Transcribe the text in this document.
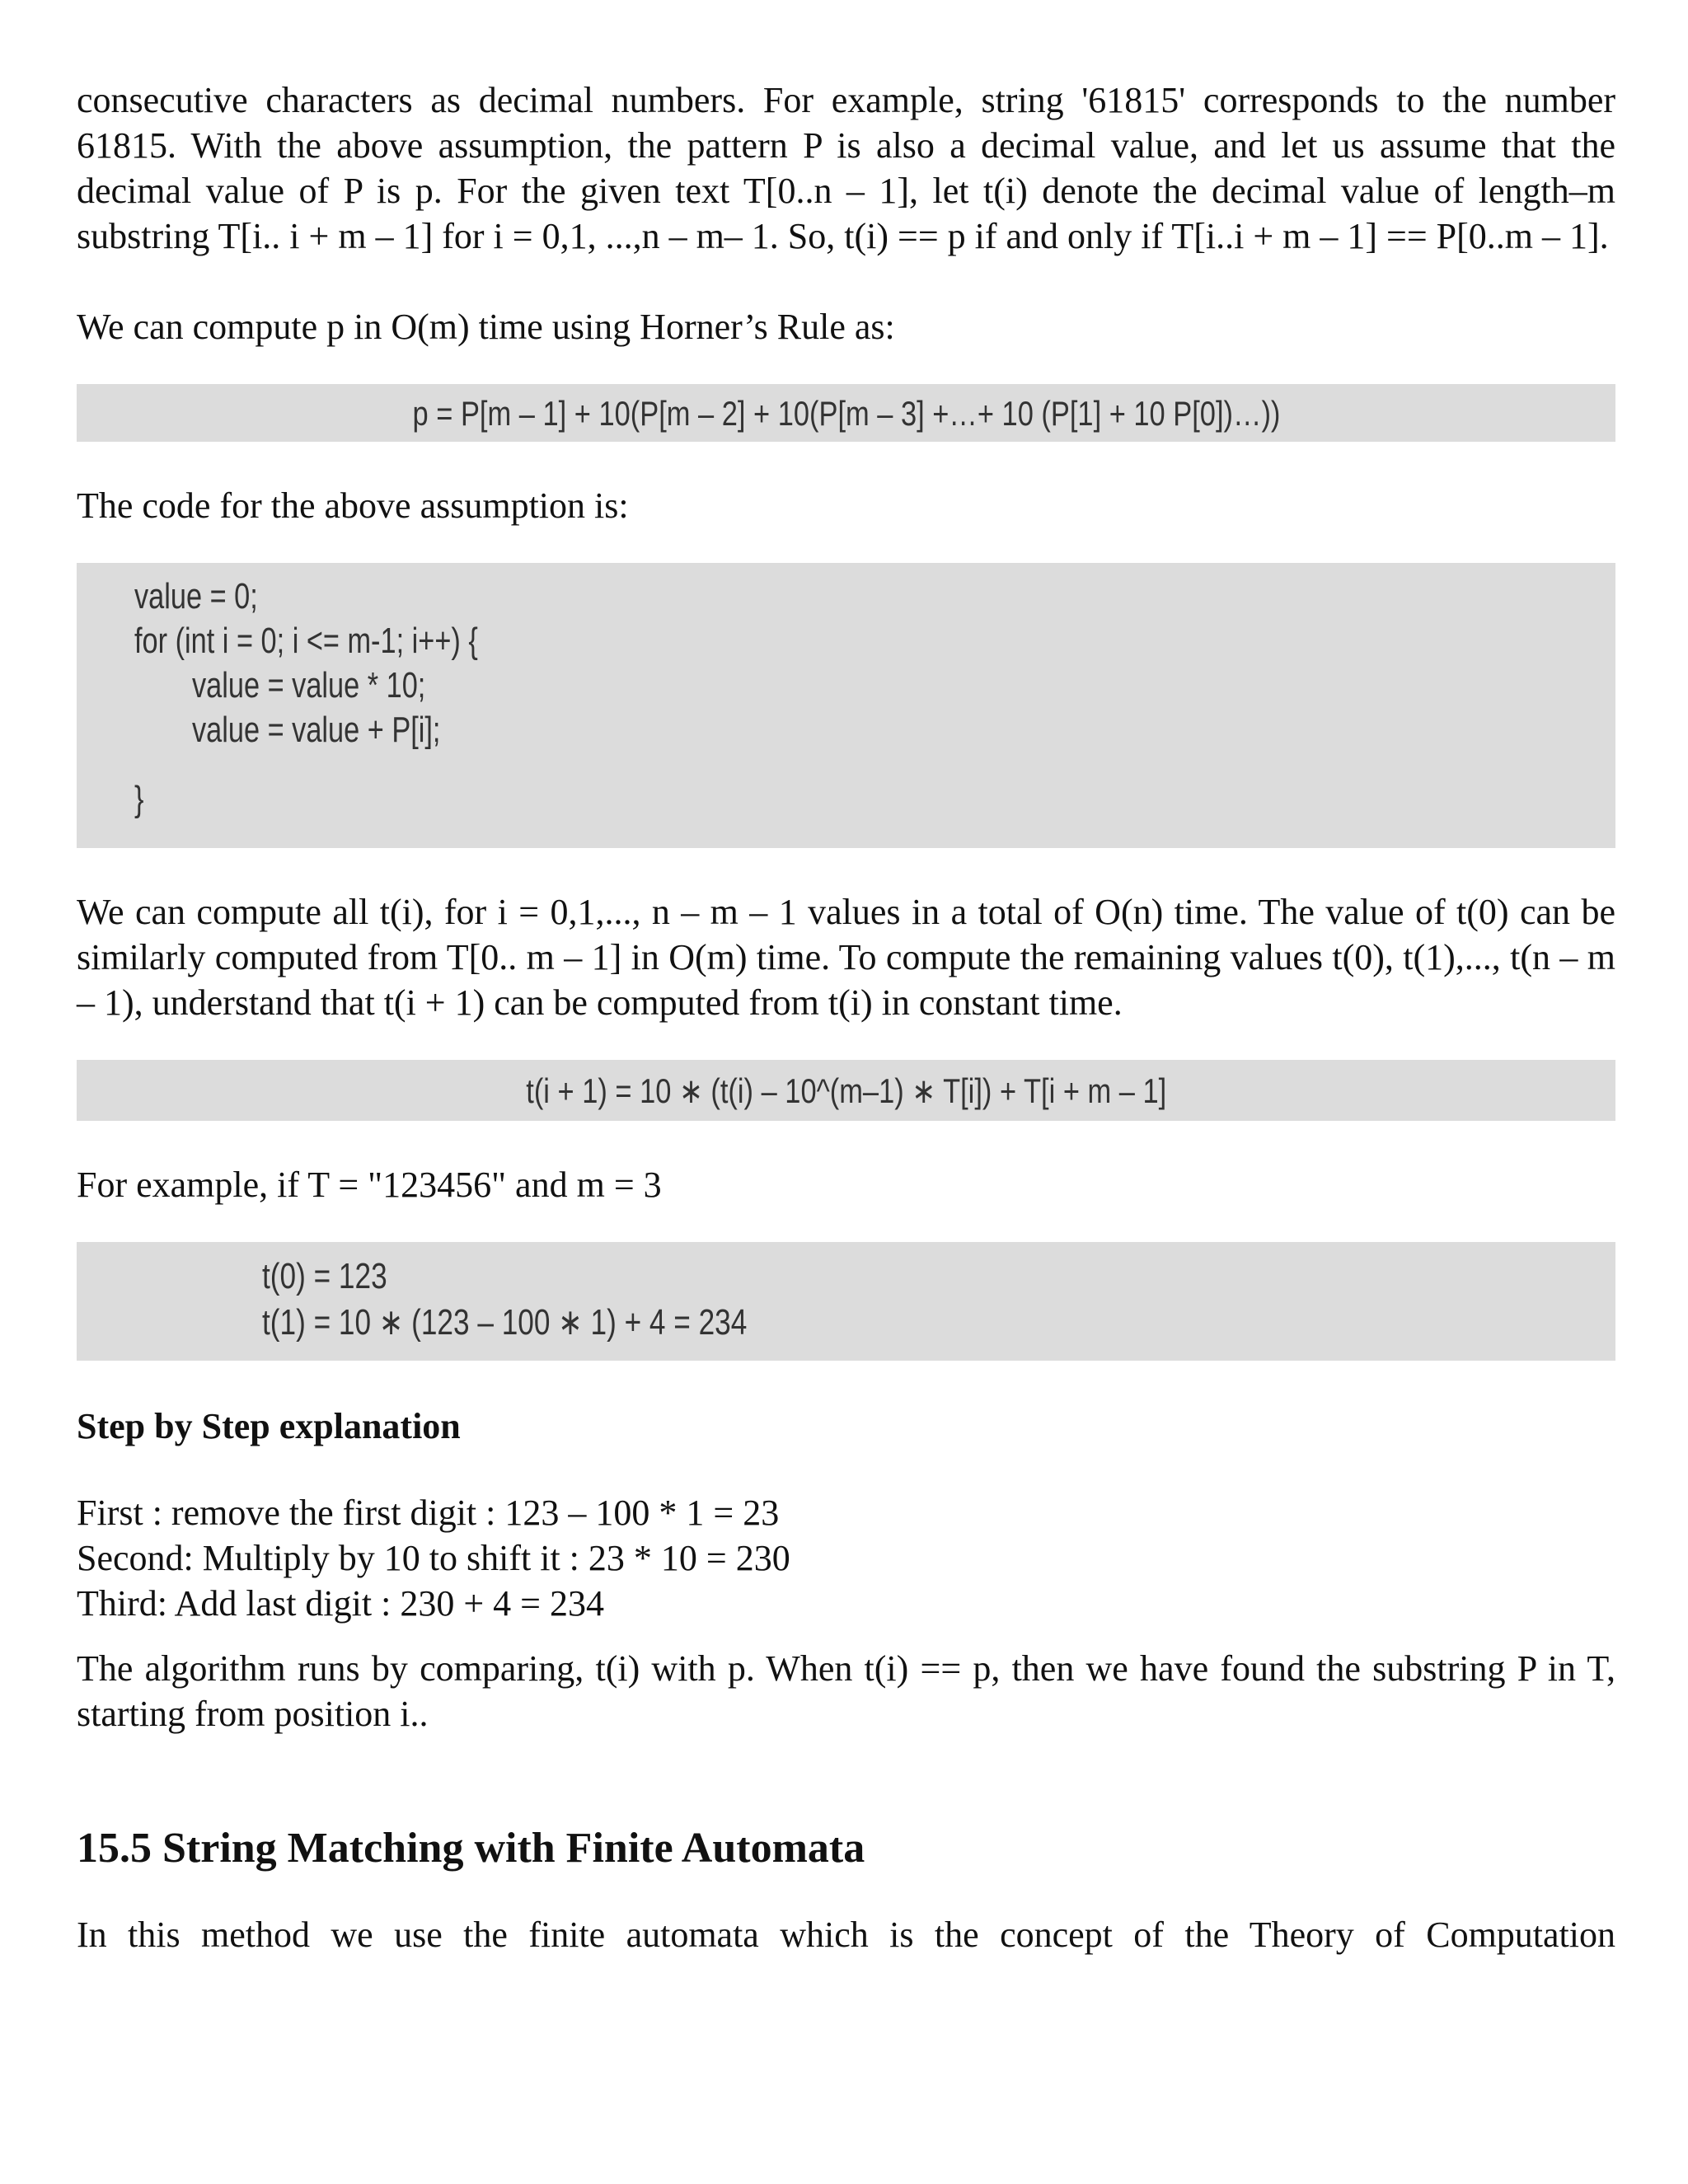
consecutive characters as decimal numbers. For example, string '61815' corresponds to the number 61815. With the above assumption, the pattern P is also a decimal value, and let us assume that the decimal value of P is p. For the given text T[0..n – 1], let t(i) denote the decimal value of length–m substring T[i.. i + m – 1] for i = 0,1, ...,n – m– 1. So, t(i) == p if and only if T[i..i + m – 1] == P[0..m – 1].

We can compute p in O(m) time using Horner’s Rule as:

p = P[m – 1] + 10(P[m – 2] + 10(P[m – 3] +…+ 10 (P[1] + 10 P[0])…))

The code for the above assumption is:

value = 0;
for (int i = 0; i <= m-1; i++) {
value = value * 10;
value = value + P[i];
}

We can compute all t(i), for i = 0,1,..., n – m – 1 values in a total of O(n) time. The value of t(0) can be similarly computed from T[0.. m – 1] in O(m) time. To compute the remaining values t(0), t(1),..., t(n – m – 1), understand that t(i + 1) can be computed from t(i) in constant time.

t(i + 1) = 10 ∗ (t(i) – 10^(m–1) ∗ T[i]) + T[i + m – 1]

For example, if T = "123456" and m = 3

t(0) = 123
t(1) = 10 ∗ (123 – 100 ∗ 1) + 4 = 234
Step by Step explanation

First : remove the first digit : 123 – 100 * 1 = 23

Second: Multiply by 10 to shift it : 23 * 10 = 230

Third: Add last digit : 230 + 4 = 234

The algorithm runs by comparing, t(i) with p. When t(i) == p, then we have found the substring P in T, starting from position i..

15.5 String Matching with Finite Automata

In this method we use the finite automata which is the concept of the Theory of Computation
